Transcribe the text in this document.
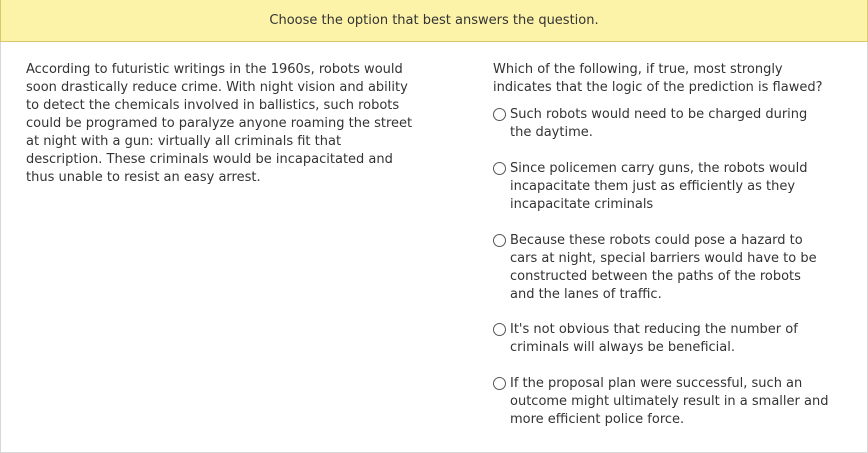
Choose the option that best answers the question.
According to futuristic writings in the 1960s, robots would
soon drastically reduce crime. With night vision and ability
to detect the chemicals involved in ballistics, such robots
could be programed to paralyze anyone roaming the street
at night with a gun: virtually all criminals fit that
description. These criminals would be incapacitated and
thus unable to resist an easy arrest.
Which of the following, if true, most strongly
indicates that the logic of the prediction is flawed?
Such robots would need to be charged during
the daytime.
Since policemen carry guns, the robots would
incapacitate them just as efficiently as they
incapacitate criminals
Because these robots could pose a hazard to
cars at night, special barriers would have to be
constructed between the paths of the robots
and the lanes of traffic.
It's not obvious that reducing the number of
criminals will always be beneficial.
If the proposal plan were successful, such an
outcome might ultimately result in a smaller and
more efficient police force.
